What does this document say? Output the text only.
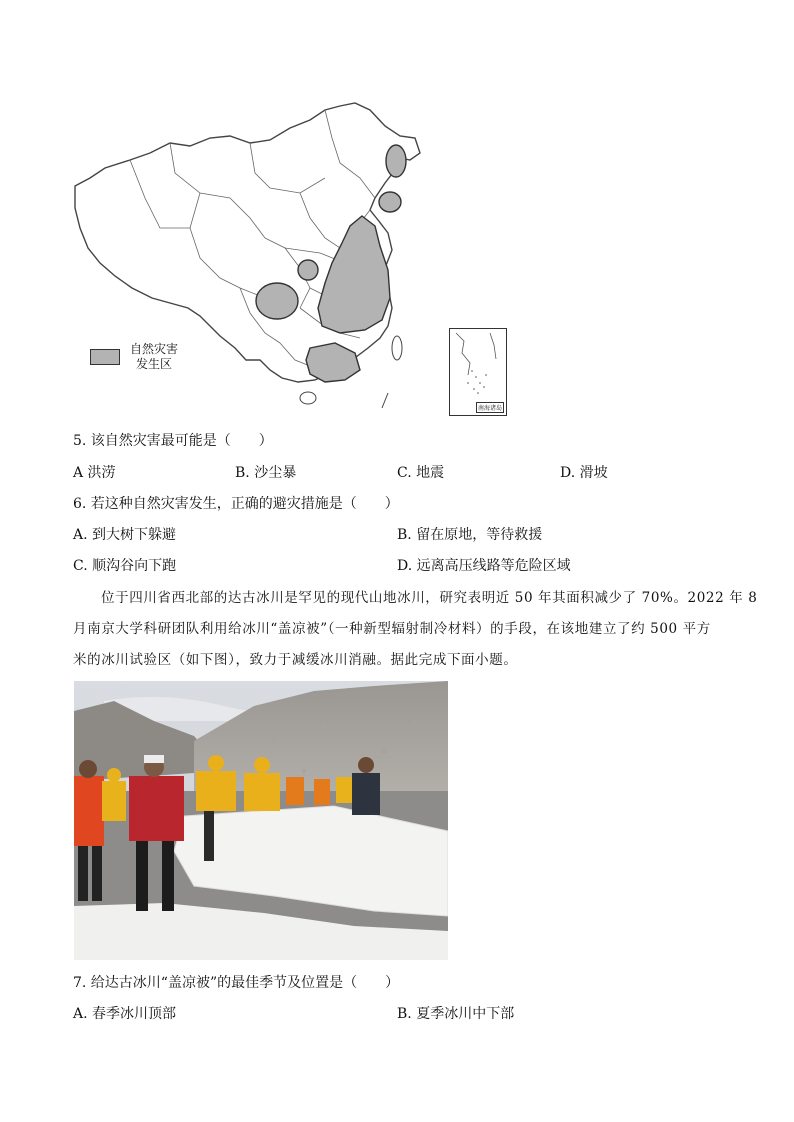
自然灾害
发生区
南海诸岛
5. 该自然灾害最可能是（　　）
A 洪涝	B. 沙尘暴	C. 地震	D. 滑坡
6. 若这种自然灾害发生，正确的避灾措施是（　　）
A. 到大树下躲避	B. 留在原地，等待救援
C. 顺沟谷向下跑	D. 远离高压线路等危险区域
位于四川省西北部的达古冰川是罕见的现代山地冰川，研究表明近 50 年其面积减少了 70%。2022 年 8
月南京大学科研团队利用给冰川“盖凉被”（一种新型辐射制冷材料）的手段，在该地建立了约 500 平方
米的冰川试验区（如下图），致力于减缓冰川消融。据此完成下面小题。
7. 给达古冰川“盖凉被”的最佳季节及位置是（　　）
A. 春季冰川顶部	B. 夏季冰川中下部
